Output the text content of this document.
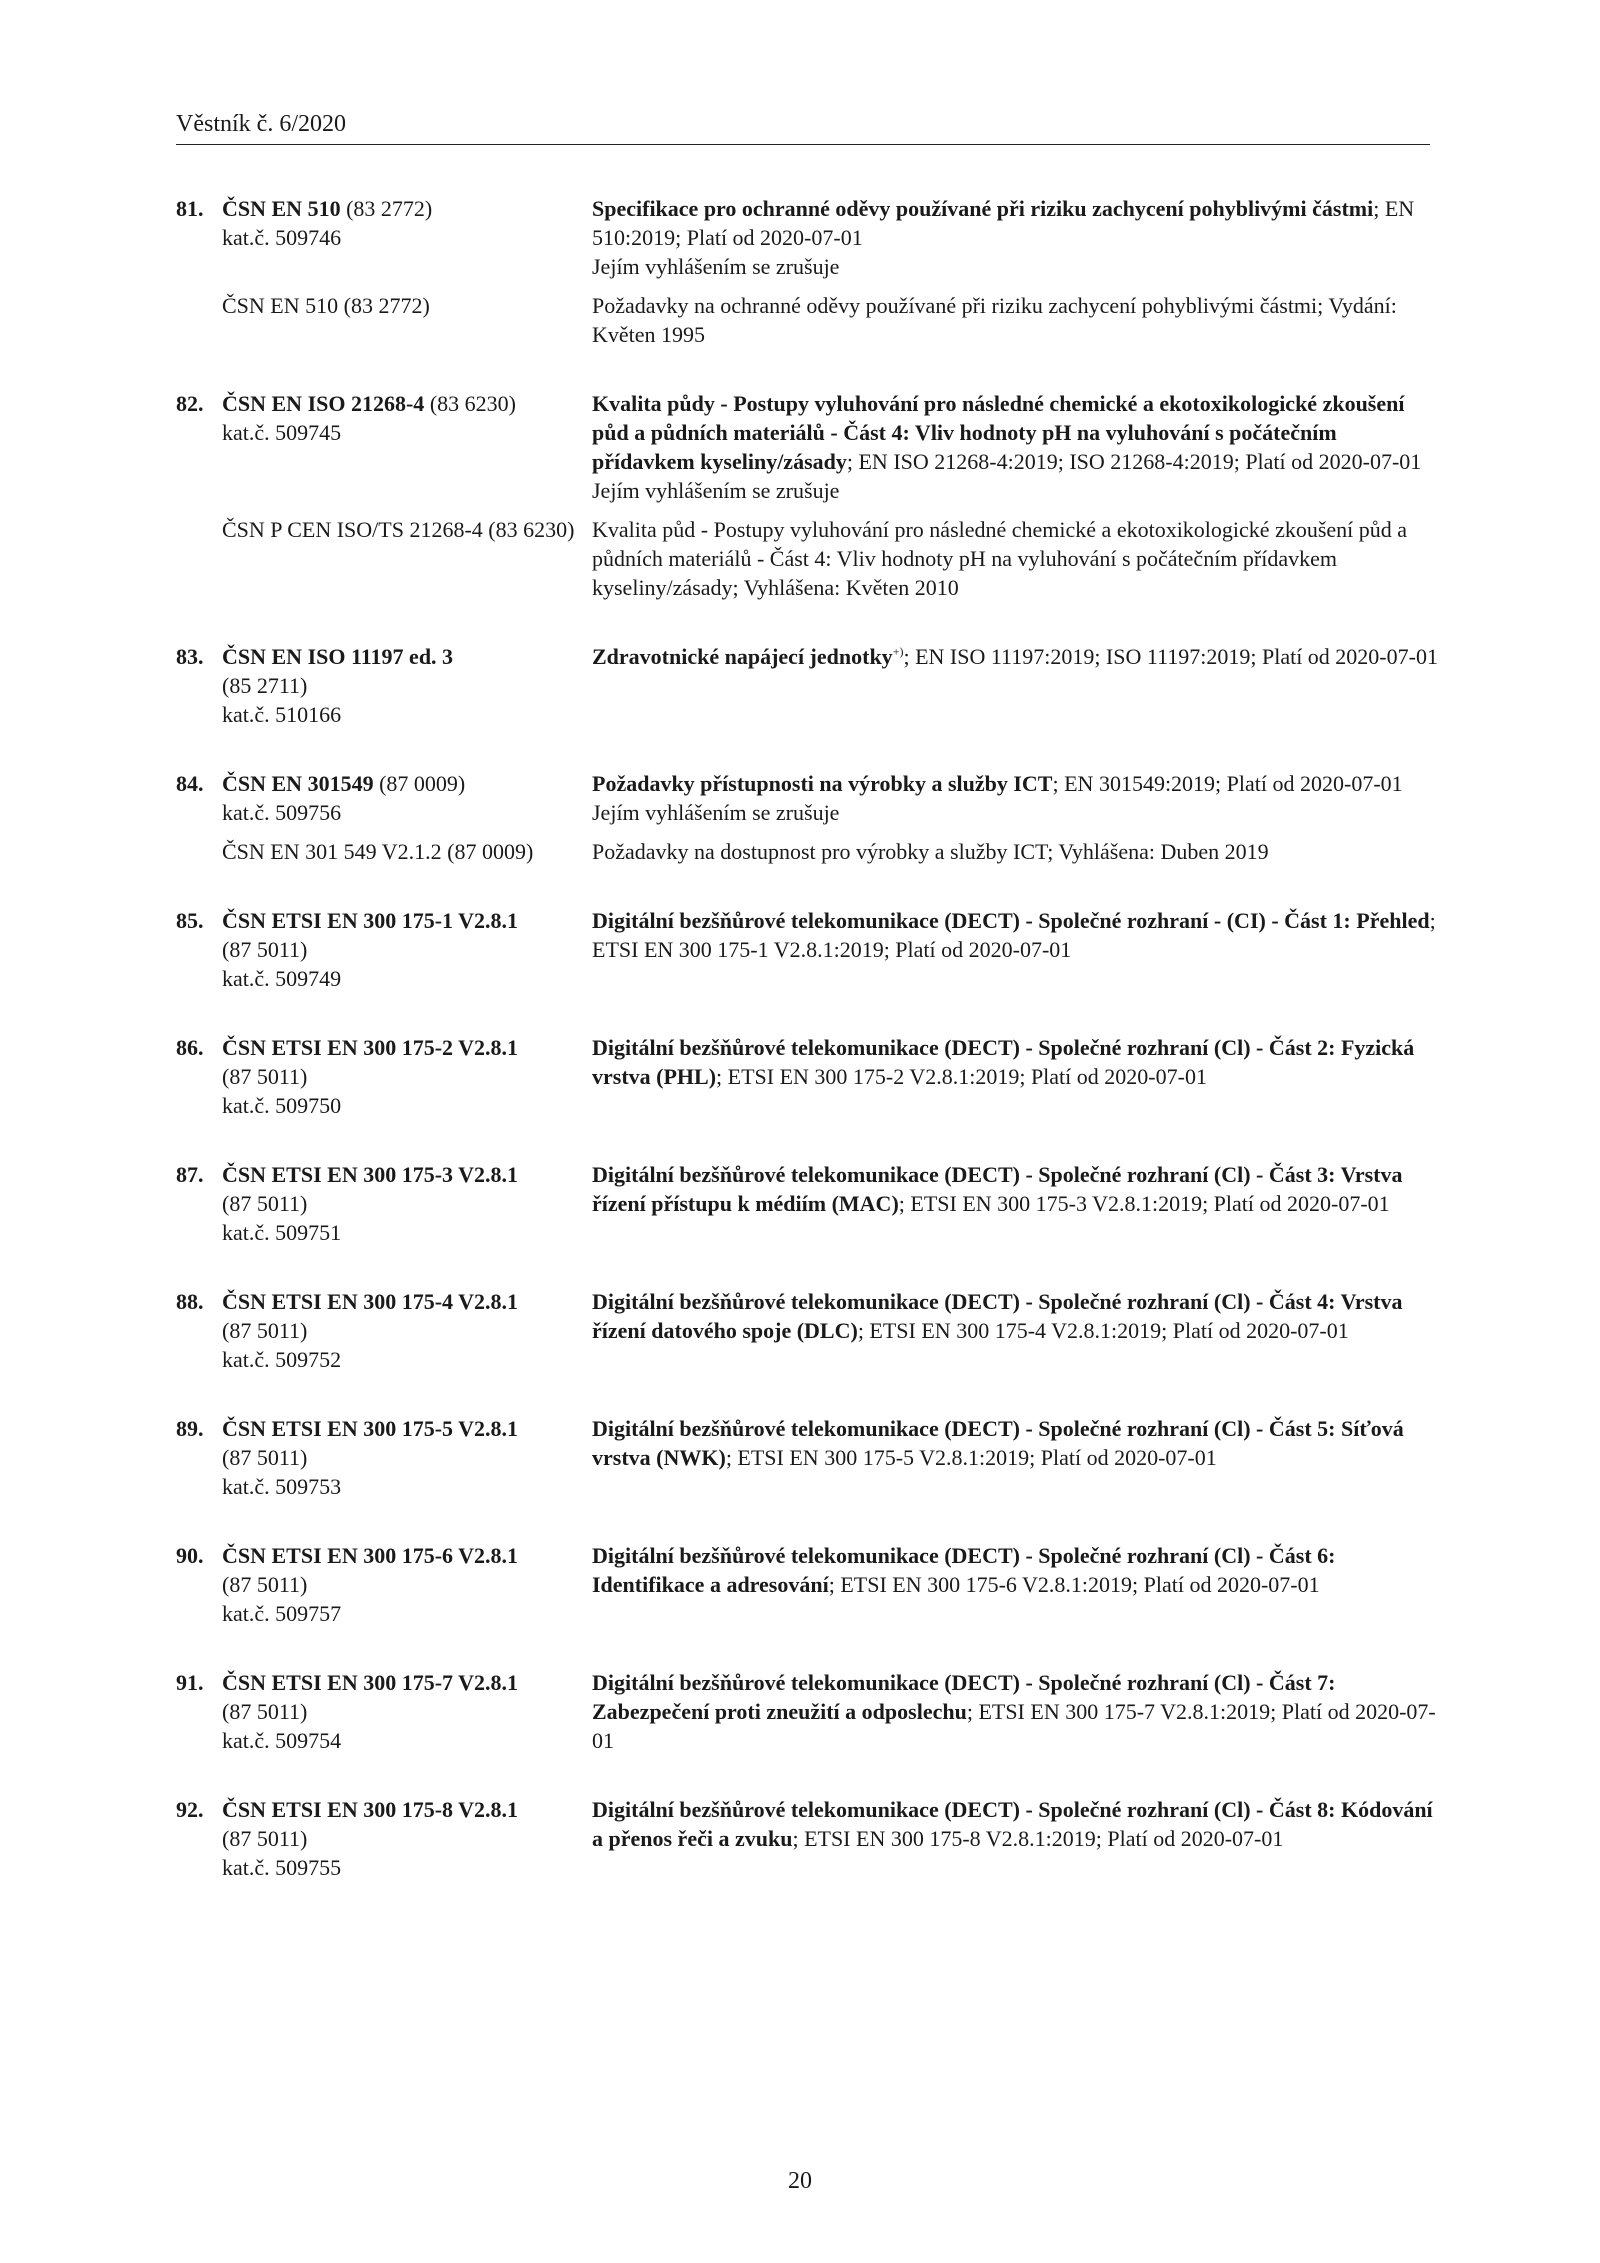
Věstník č. 6/2020
81. ČSN EN 510 (83 2772)
kat.č. 509746
Specifikace pro ochranné oděvy používané při riziku zachycení pohyblivými částmi; EN 510:2019; Platí od 2020-07-01
Jejím vyhlášením se zrušuje
ČSN EN 510 (83 2772)	Požadavky na ochranné oděvy používané při riziku zachycení pohyblivými částmi; Vydání: Květen 1995
82. ČSN EN ISO 21268-4 (83 6230)
kat.č. 509745
Kvalita půdy - Postupy vyluhování pro následné chemické a ekotoxikologické zkoušení půd a půdních materiálů - Část 4: Vliv hodnoty pH na vyluhování s počátečním přídavkem kyseliny/zásady; EN ISO 21268-4:2019; ISO 21268-4:2019; Platí od 2020-07-01
Jejím vyhlášením se zrušuje
ČSN P CEN ISO/TS 21268-4 (83 6230) Kvalita půd - Postupy vyluhování pro následné chemické a ekotoxikologické zkoušení půd a půdních materiálů - Část 4: Vliv hodnoty pH na vyluhování s počátečním přídavkem kyseliny/zásady; Vyhlášena: Květen 2010
83. ČSN EN ISO 11197 ed. 3
(85 2711)
kat.č. 510166
Zdravotnické napájecí jednotky+); EN ISO 11197:2019; ISO 11197:2019; Platí od 2020-07-01
84. ČSN EN 301549 (87 0009)
kat.č. 509756
Požadavky přístupnosti na výrobky a služby ICT; EN 301549:2019; Platí od 2020-07-01
Jejím vyhlášením se zrušuje
ČSN EN 301 549 V2.1.2 (87 0009)	Požadavky na dostupnost pro výrobky a služby ICT; Vyhlášena: Duben 2019
85. ČSN ETSI EN 300 175-1 V2.8.1
(87 5011)
kat.č. 509749
Digitální bezšňůrové telekomunikace (DECT) - Společné rozhraní - (CI) - Část 1: Přehled; ETSI EN 300 175-1 V2.8.1:2019; Platí od 2020-07-01
86. ČSN ETSI EN 300 175-2 V2.8.1
(87 5011)
kat.č. 509750
Digitální bezšňůrové telekomunikace (DECT) - Společné rozhraní (Cl) - Část 2: Fyzická vrstva (PHL); ETSI EN 300 175-2 V2.8.1:2019; Platí od 2020-07-01
87. ČSN ETSI EN 300 175-3 V2.8.1
(87 5011)
kat.č. 509751
Digitální bezšňůrové telekomunikace (DECT) - Společné rozhraní (Cl) - Část 3: Vrstva řízení přístupu k médiím (MAC); ETSI EN 300 175-3 V2.8.1:2019; Platí od 2020-07-01
88. ČSN ETSI EN 300 175-4 V2.8.1
(87 5011)
kat.č. 509752
Digitální bezšňůrové telekomunikace (DECT) - Společné rozhraní (Cl) - Část 4: Vrstva řízení datového spoje (DLC); ETSI EN 300 175-4 V2.8.1:2019; Platí od 2020-07-01
89. ČSN ETSI EN 300 175-5 V2.8.1
(87 5011)
kat.č. 509753
Digitální bezšňůrové telekomunikace (DECT) - Společné rozhraní (Cl) - Část 5: Síťová vrstva (NWK); ETSI EN 300 175-5 V2.8.1:2019; Platí od 2020-07-01
90. ČSN ETSI EN 300 175-6 V2.8.1
(87 5011)
kat.č. 509757
Digitální bezšňůrové telekomunikace (DECT) - Společné rozhraní (Cl) - Část 6: Identifikace a adresování; ETSI EN 300 175-6 V2.8.1:2019; Platí od 2020-07-01
91. ČSN ETSI EN 300 175-7 V2.8.1
(87 5011)
kat.č. 509754
Digitální bezšňůrové telekomunikace (DECT) - Společné rozhraní (Cl) - Část 7: Zabezpečení proti zneužití a odposlechu; ETSI EN 300 175-7 V2.8.1:2019; Platí od 2020-07-01
92. ČSN ETSI EN 300 175-8 V2.8.1
(87 5011)
kat.č. 509755
Digitální bezšňůrové telekomunikace (DECT) - Společné rozhraní (Cl) - Část 8: Kódování a přenos řeči a zvuku; ETSI EN 300 175-8 V2.8.1:2019; Platí od 2020-07-01
20
